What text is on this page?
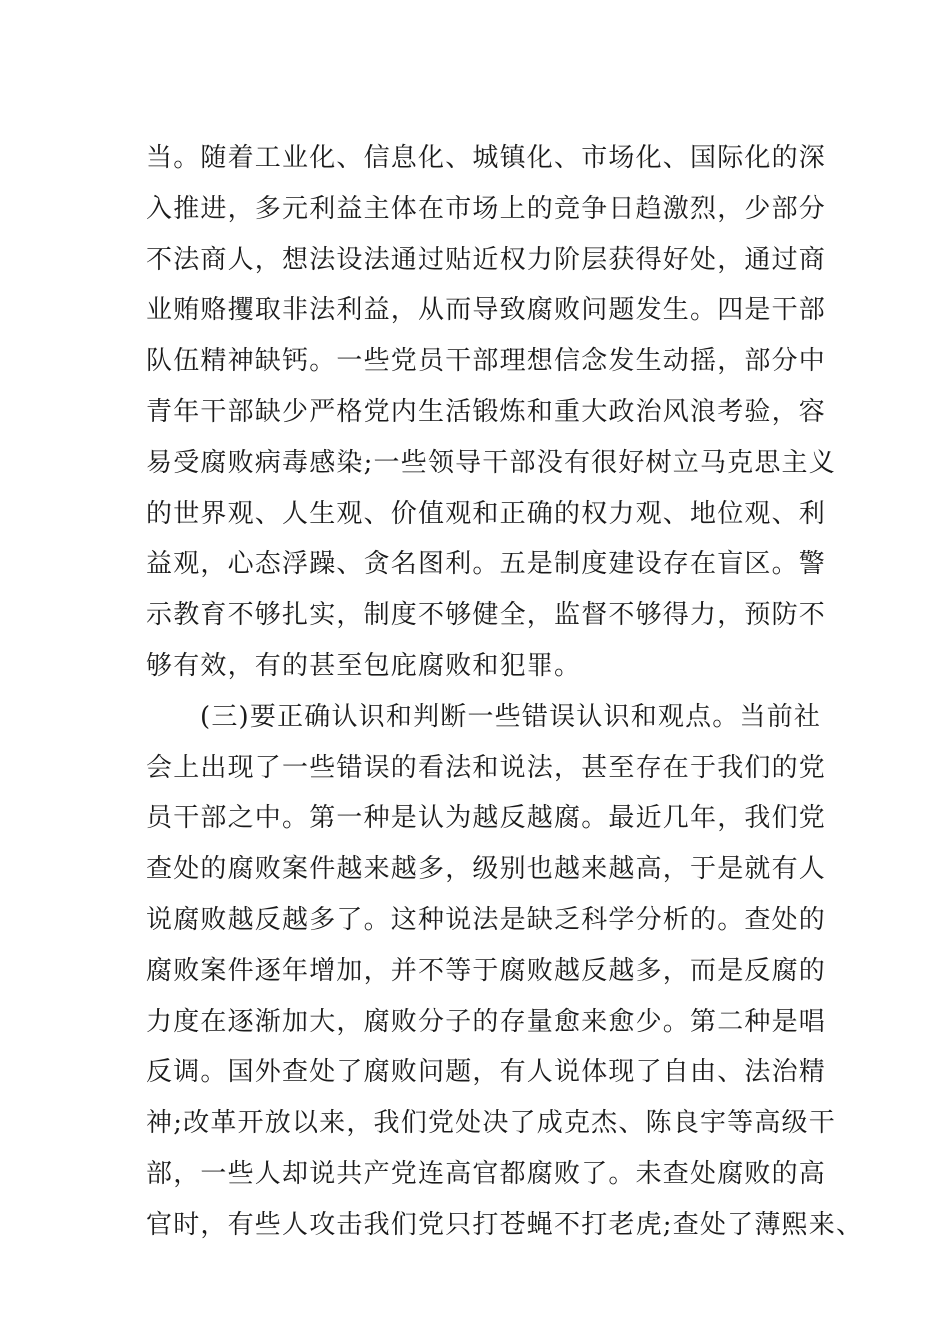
当。随着工业化、信息化、城镇化、市场化、国际化的深
入推进，多元利益主体在市场上的竞争日趋激烈，少部分
不法商人，想法设法通过贴近权力阶层获得好处，通过商
业贿赂攫取非法利益，从而导致腐败问题发生。四是干部
队伍精神缺钙。一些党员干部理想信念发生动摇，部分中
青年干部缺少严格党内生活锻炼和重大政治风浪考验，容
易受腐败病毒感染;一些领导干部没有很好树立马克思主义
的世界观、人生观、价值观和正确的权力观、地位观、利
益观，心态浮躁、贪名图利。五是制度建设存在盲区。警
示教育不够扎实，制度不够健全，监督不够得力，预防不
够有效，有的甚至包庇腐败和犯罪。
(三)要正确认识和判断一些错误认识和观点。当前社
会上出现了一些错误的看法和说法，甚至存在于我们的党
员干部之中。第一种是认为越反越腐。最近几年，我们党
查处的腐败案件越来越多，级别也越来越高，于是就有人
说腐败越反越多了。这种说法是缺乏科学分析的。查处的
腐败案件逐年增加，并不等于腐败越反越多，而是反腐的
力度在逐渐加大，腐败分子的存量愈来愈少。第二种是唱
反调。国外查处了腐败问题，有人说体现了自由、法治精
神;改革开放以来，我们党处决了成克杰、陈良宇等高级干
部，一些人却说共产党连高官都腐败了。未查处腐败的高
官时，有些人攻击我们党只打苍蝇不打老虎;查处了薄熙来、
